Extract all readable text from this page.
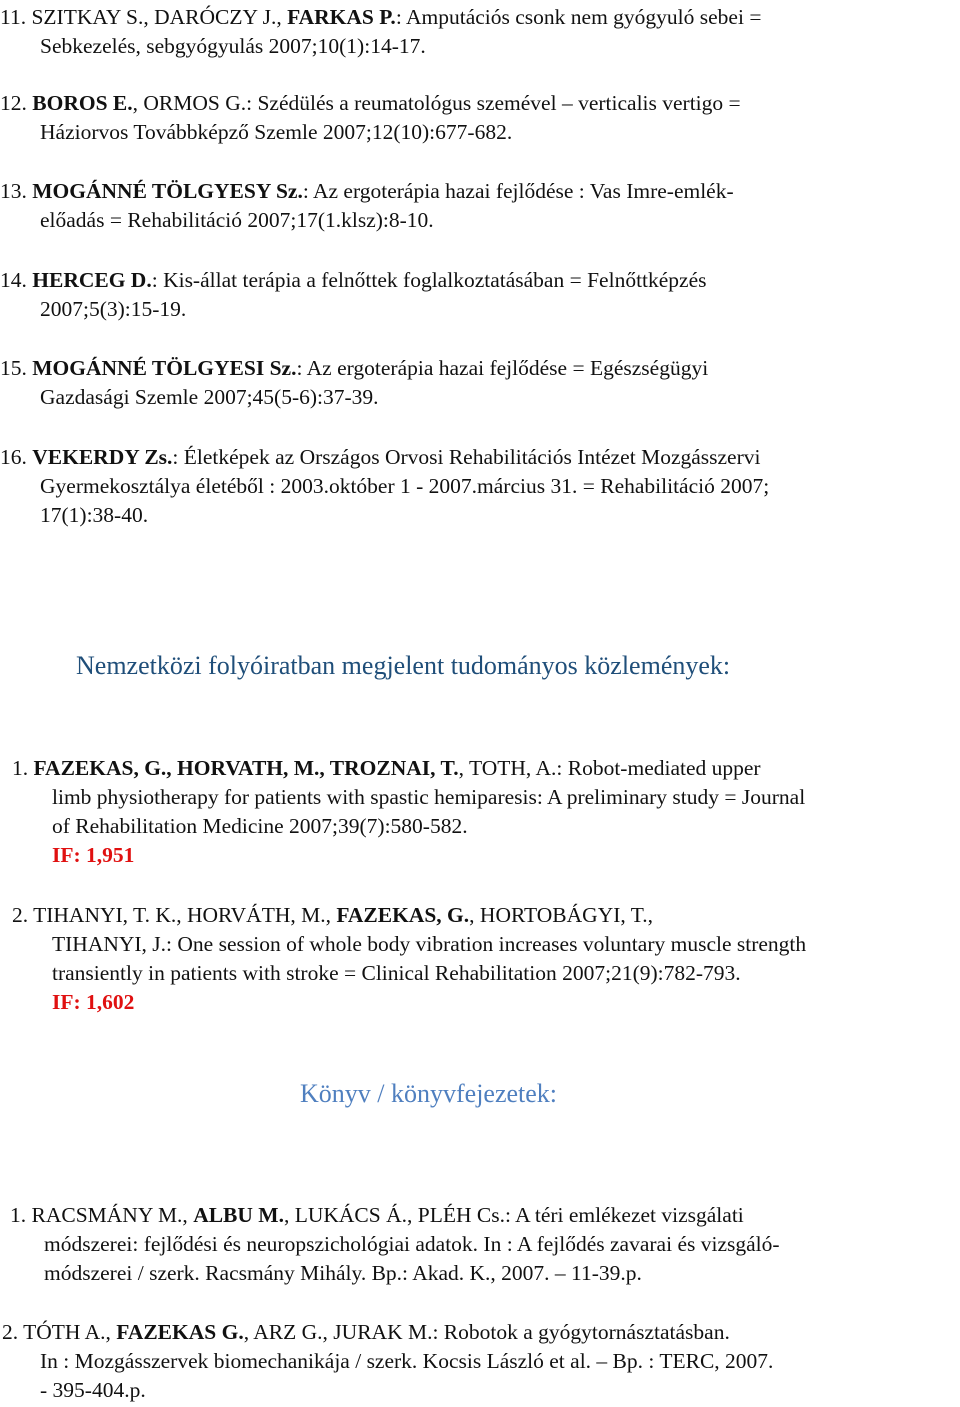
11. SZITKAY S., DARÓCZY J., FARKAS P.: Amputációs csonk nem gyógyuló sebei =
Sebkezelés, sebgyógyulás 2007;10(1):14-17.
12. BOROS E., ORMOS G.: Szédülés a reumatológus szemével – verticalis vertigo =
Háziorvos Továbbképző Szemle 2007;12(10):677-682.
13. MOGÁNNÉ TÖLGYESY Sz.: Az ergoterápia hazai fejlődése : Vas Imre-emlék-
előadás = Rehabilitáció 2007;17(1.klsz):8-10.
14. HERCEG D.: Kis-állat terápia a felnőttek foglalkoztatásában = Felnőttképzés
2007;5(3):15-19.
15. MOGÁNNÉ TÖLGYESI Sz.: Az ergoterápia hazai fejlődése = Egészségügyi
Gazdasági Szemle 2007;45(5-6):37-39.
16. VEKERDY Zs.: Életképek az Országos Orvosi Rehabilitációs Intézet Mozgásszervi
Gyermekosztálya életéből : 2003.október 1 - 2007.március 31. = Rehabilitáció 2007;
17(1):38-40.
Nemzetközi folyóiratban megjelent tudományos közlemények:
1. FAZEKAS, G., HORVATH, M., TROZNAI, T., TOTH, A.: Robot-mediated upper
limb physiotherapy for patients with spastic hemiparesis: A preliminary study = Journal
of Rehabilitation Medicine 2007;39(7):580-582.
IF: 1,951
2. TIHANYI, T. K., HORVÁTH, M., FAZEKAS, G., HORTOBÁGYI, T.,
TIHANYI, J.: One session of whole body vibration increases voluntary muscle strength
transiently in patients with stroke = Clinical Rehabilitation 2007;21(9):782-793.
IF: 1,602
Könyv / könyvfejezetek:
1. RACSMÁNY M., ALBU M., LUKÁCS Á., PLÉH Cs.: A téri emlékezet vizsgálati
módszerei: fejlődési és neuropszichológiai adatok. In : A fejlődés zavarai és vizsgáló-
módszerei / szerk. Racsmány Mihály. Bp.: Akad. K., 2007. – 11-39.p.
2. TÓTH A., FAZEKAS G., ARZ G., JURAK M.: Robotok a gyógytornásztatásban.
In : Mozgásszervek biomechanikája / szerk. Kocsis László et al. – Bp. : TERC, 2007.
- 395-404.p.
